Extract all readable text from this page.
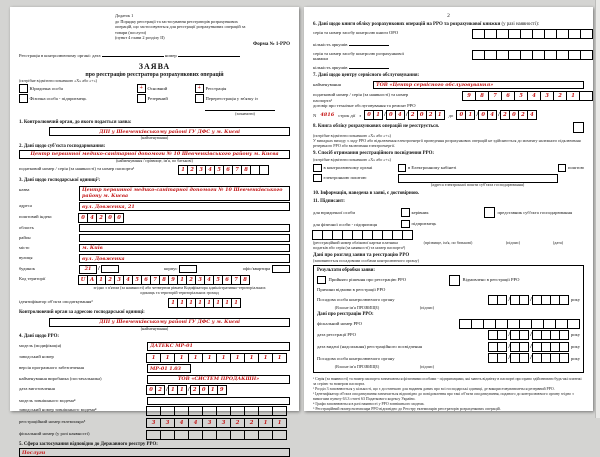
Додаток 1
до Порядку реєстрації та застосування реєстраторів розрахункових
операцій, що застосовуються для реєстрації розрахункових операцій за
товари (послуги)
(пункт 4 глави 2 розділу ІІ)
Форма № 1-РРО
Реєстрація в контролюючому органі: дата	номер
ЗАЯВА
про реєстрацію реєстратора розрахункових операцій
(потрібне відмітити позначкою «Х» або «+»)
Юридична особа
Фізична особа - підприємець
+ Основний
Резервний
+ Реєстрація
Перереєстрація у зв'язку із
(зазначити)
1. Контролюючий орган, до якого подається заява:
ДПІ у Шевченківському районі ГУ ДФС у м. Києві
(найменування)
2. Дані щодо суб'єкта господарювання:
Центр первинної медико-санітарної допомоги № 10 Шевченківського району м. Києва
(найменування / прізвище, ім'я, по батькові)
податковий номер / серія (за наявності) та номер паспорта¹	1	2	3	4	5	6	7	8
3. Дані щодо господарської одиниці²:
назва	Центр первинної медико-санітарної допомоги № 10 Шевченківського району м. Києва
адреса	вул. Довженка, 21
поштовий індекс	0	4	2	0	0
область
район
місто	м. Київ
вулиця	вул. Довженка
будинок	21	/	корпус	офіс/квартира
Код території	U A 1	2	3	4	5	6	7	8	9	1	2	3	4	5	6	7	8
згідно з п'ятим (за наявності) або четвертим рівнем Кодифікатора адміністративно-територіальних одиниць та територій територіальних громад
ідентифікатор об'єкта оподаткування³	1	1	1	1	1	1	1	1
Контролюючий орган за адресою господарської одиниці:
ДПІ у Шевченківському районі ГУ ДФС у м. Києві
(найменування)
4. Дані щодо РРО:
модель (модифікація)	ДАТЕКС МР-01
заводський номер	1	1	1	1	1	1	1	1	1	1
версія програмного забезпечення	МР-01 1.03
найменування виробника (постачальника)	ТОВ «СИСТЕМ ПРОДАКШН»
дата виготовлення	0	2 / 1	1 / 2	0	1	9
модель зовнішнього модема⁴
заводський номер зовнішнього модема⁴
реєстраційний номер екземпляра⁵	3	3	4	4	3	3	2	2	1	1
фіскальний номер (у разі наявності)
5. Сфера застосування відповідно до Державного реєстру РРО:
Послуги
2
6. Дані щодо книги обліку розрахункових операцій на РРО та розрахункової книжки (у разі наявності):
серія та номер засобу контролю книги ОРО
кількість аркушів
серія та номер засобу контролю розрахункової
книжки
кількість аркушів
7. Дані щодо центру сервісного обслуговування:
найменування	ТОВ «Центр сервісного обслуговування»
податковий номер / серія (за наявності) та номер
паспорта¹
9	8	7	6	5	4	3	2	1
договір про технічне обслуговування та ремонт РРО
N 4816 строк дії з	0	1 / 0	4 / 2	0	2	1	до	0	1 / 0	4 / 2	0	2	4
8. Книга обліку розрахункових операцій не реєструється.
(потрібне відмітити позначкою «Х» або «+»)
У випадках виходу з ладу РРО або відключення електроенергії проведення розрахункових операцій не здійснюється до моменту належного підключення резервного РРО або включення електроенергії.
9. Спосіб отримання реєстраційного посвідчення РРО:
(потрібне відмітити позначкою «Х» або «+»)
в контролюючому органі
електронною поштою
в Електронному кабінеті
(адреса електронної пошти суб'єкта господарювання)
поштою
10. Інформація, наведена в заяві, є достовірною.
11. Підписант:
для юридичної особи	керівник	представник суб'єкта господарювання
для фізичної особи - підприємця	підприємець
(реєстраційний номер облікової картки платника податків або серія (за наявності) та номер паспорта¹)
(прізвище, ім'я, по батькові)	(підпис)	(дата)
Дані про розгляд заяви та реєстрацію РРО
(заповнюється посадовими особами контролюючого органу)
Результати обробки заяви:
Прийнято рішення про реєстрацію РРО	Відмовлено в реєстрації РРО
Причини відмови в реєстрації РРО
Посадова особа контролюючого органу	/	/	року
(Власне ім'я ПРІЗВИЩЕ)	(підпис)
Дані про реєстрацію РРО:
фіскальний номер РРО
дата реєстрації РРО	/	/	року
дата видачі (надсилання) реєстраційного посвідчення	/	/	року
Посадова особа контролюючого органу	/	/	року
(Власне ім'я ПРІЗВИЩЕ)	(підпис)
¹ Серія (за наявності) та номер паспорта зазначаються фізичними особами - підприємцями, які мають відмітку в паспорті про право здійснювати будь-які платежі за серією та номером паспорта.
² Розділ 3 заповнюється у кількості, що є достатньою для надання даних про всі господарські одиниці, де використовуватиметься резервний РРО.
³ Ідентифікатор об'єкта оподаткування зазначається відповідно до повідомлення про такі об'єкти оподаткування, поданого до контролюючого органу згідно з вимогами пункту 63.3 статті 63 Податкового кодексу України.
⁴ Графи заповнюються в разі наявності у РРО зовнішнього модема.
⁵ Реєстраційний номер екземпляра РРО відповідно до Реєстру екземплярів реєстраторів розрахункових операцій.
